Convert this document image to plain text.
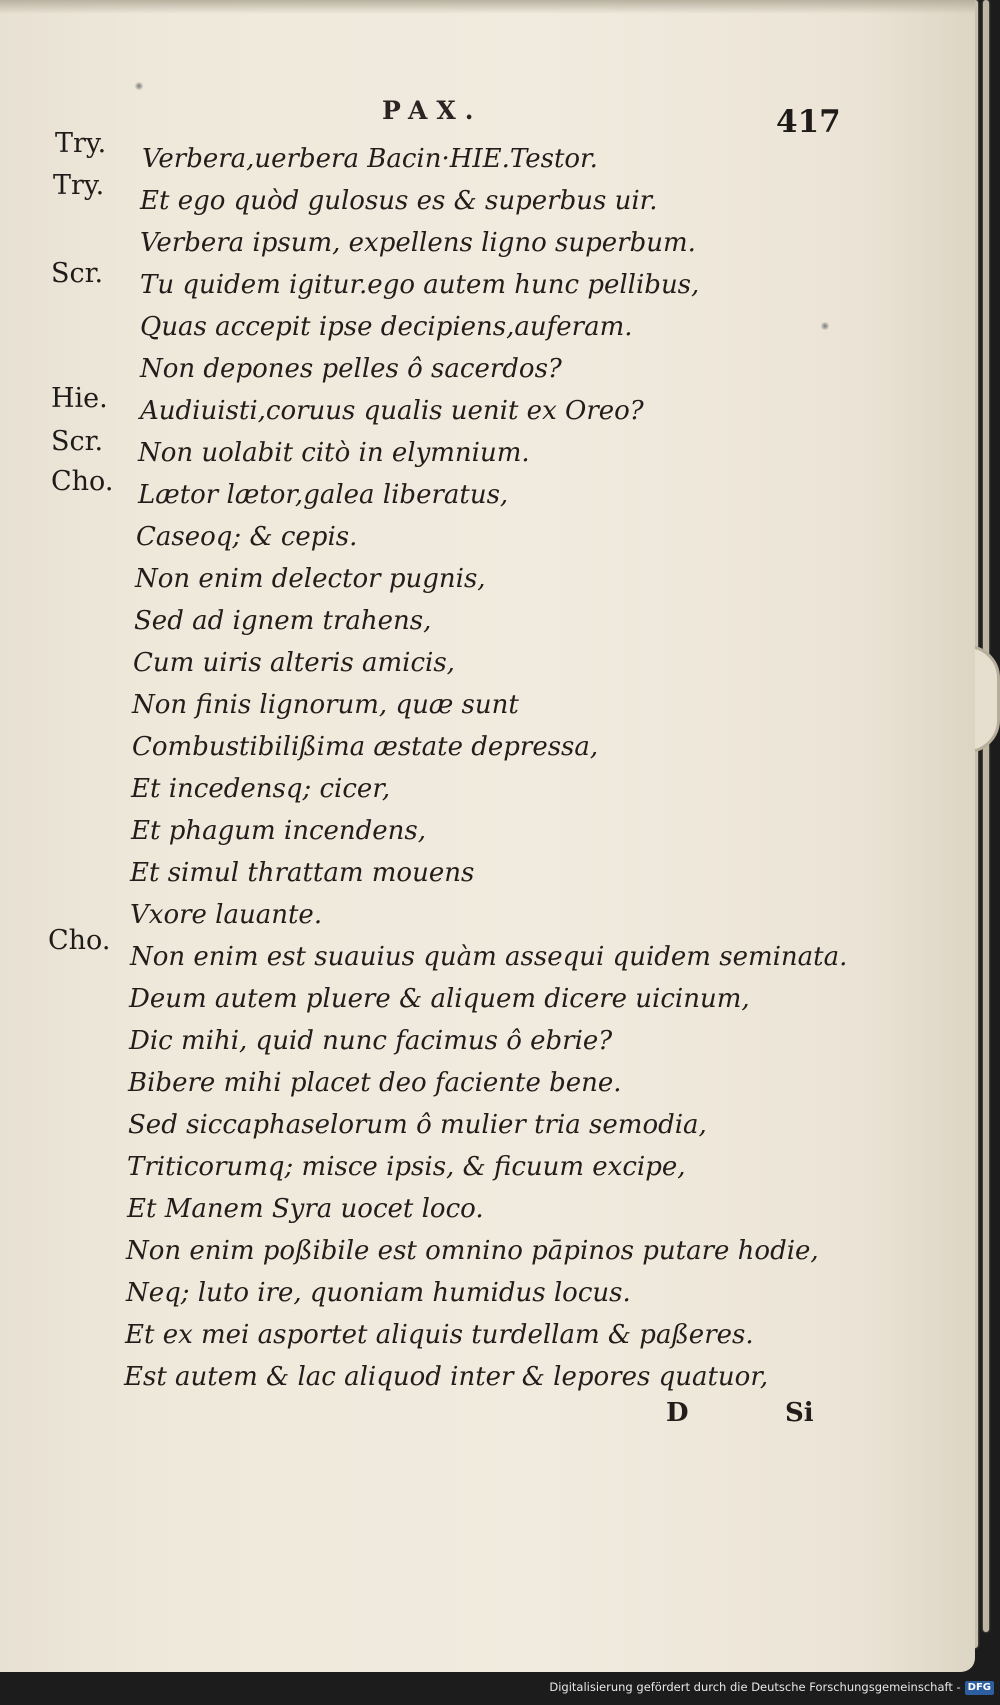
PAX.	417
Try.
Try.
Scr.
Hie.
Scr.
Cho.
Cho.
Verbera,uerbera Bacin·HIE.Testor.
Et ego quòd gulosus es & superbus uir.
Verbera ipsum, expellens ligno superbum.
Tu quidem igitur.ego autem hunc pellibus,
Quas accepit ipse decipiens,auferam.
Non depones pelles ô sacerdos?
Audiuisti,coruus qualis uenit ex Oreo?
Non uolabit citò in elymnium.
Lætor lætor,galea liberatus,
Caseoq; & cepis.
Non enim delector pugnis,
Sed ad ignem trahens,
Cum uiris alteris amicis,
Non finis lignorum, quæ sunt
Combustibilißima æstate depressa,
Et incedensq; cicer,
Et phagum incendens,
Et simul thrattam mouens
Vxore lauante.
Non enim est suauius quàm assequi quidem seminata.
Deum autem pluere & aliquem dicere uicinum,
Dic mihi, quid nunc facimus ô ebrie?
Bibere mihi placet deo faciente bene.
Sed siccaphaselorum ô mulier tria semodia,
Triticorumq; misce ipsis, & ficuum excipe,
Et Manem Syra uocet loco.
Non enim poßibile est omnino pāpinos putare hodie,
Neq; luto ire, quoniam humidus locus.
Et ex mei asportet aliquis turdellam & paßeres.
Est autem & lac aliquod inter & lepores quatuor,
D	Si
Digitalisierung gefördert durch die Deutsche Forschungsgemeinschaft - DFG
